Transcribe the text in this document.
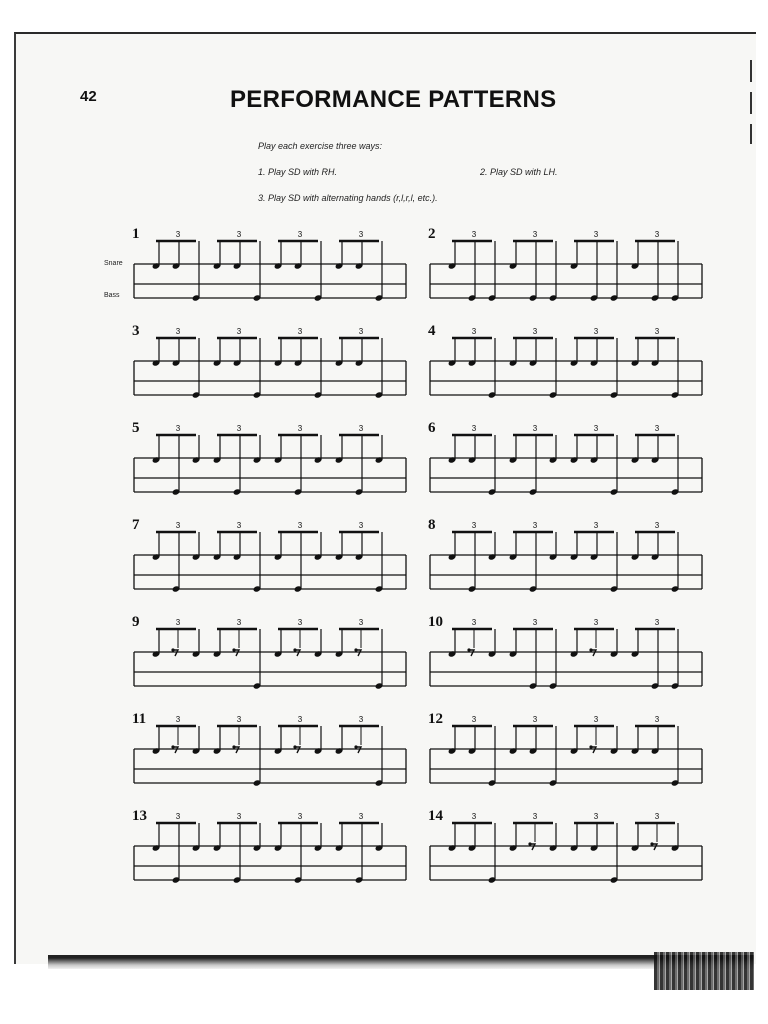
42	PERFORMANCE PATTERNS
Play each exercise three ways:
1. Play SD with RH.	2. Play SD with LH.
3. Play SD with alternating hands (r,l,r,l, etc.).
Snare
Bass
1	2
3	4
5	6
7	8
9	10
11	12
13	14
3	3	3	3	3	3	3	3
3	3	3	3	3	3	3	3
3	3	3	3	3	3	3	3
3	3	3	3	3	3	3	3
3	3	3	3	3	3	3	3
3	3	3	3	3	3	3	3
3	3	3	3	3	3	3	3
